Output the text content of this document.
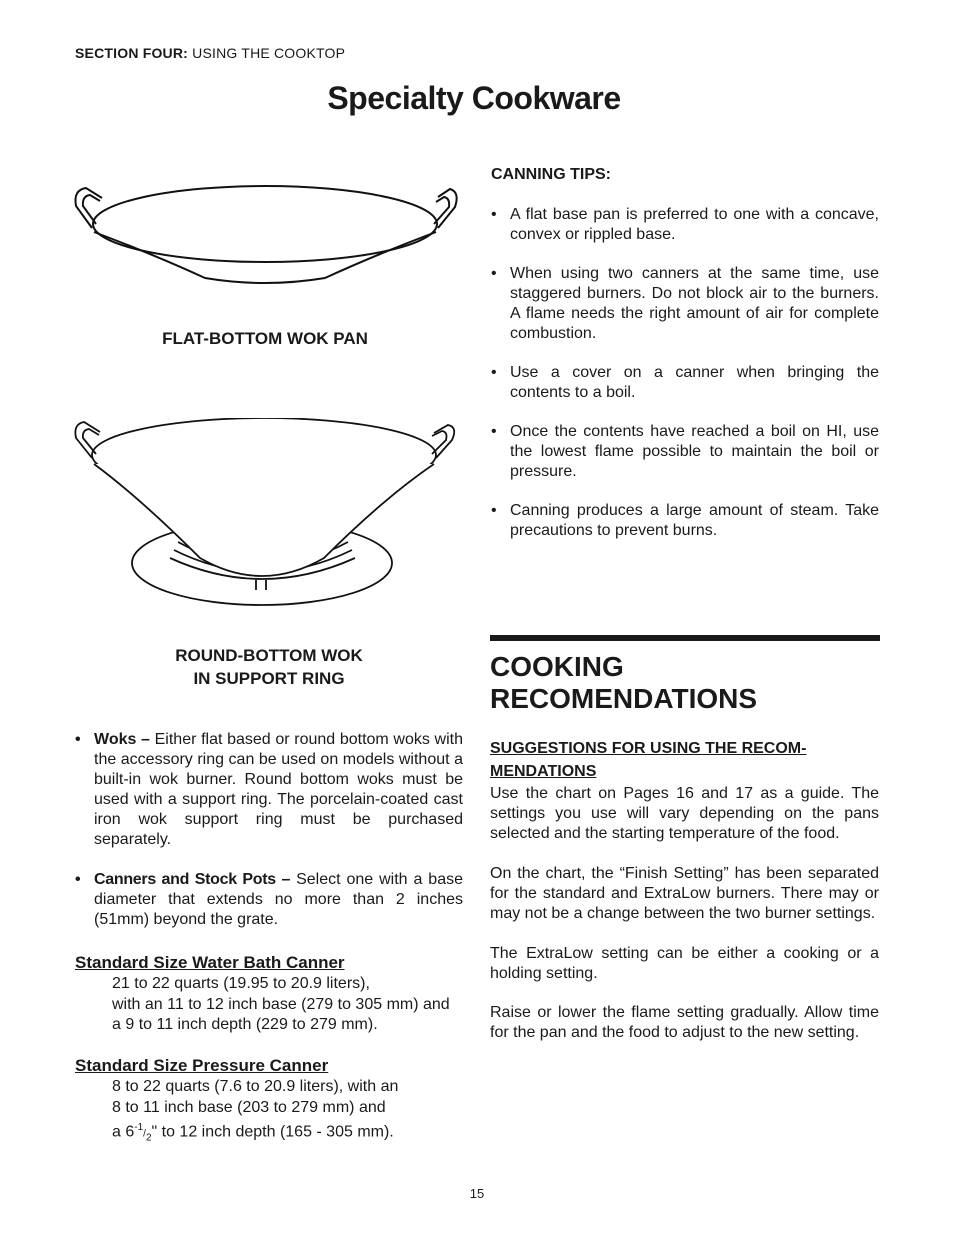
SECTION FOUR: USING THE COOKTOP
Specialty Cookware
FLAT-BOTTOM WOK PAN
ROUND-BOTTOM WOK
IN SUPPORT RING
• Woks – Either flat based or round bottom woks with the accessory ring can be used on models without a built-in wok burner. Round bottom woks must be used with a support ring. The porcelain-coated cast iron wok support ring must be purchased separately.
• Canners and Stock Pots – Select one with a base diameter that extends no more than 2 inches (51mm) beyond the grate.
Standard Size Water Bath Canner
21 to 22 quarts (19.95 to 20.9 liters),
with an 11 to 12 inch base (279 to 305 mm) and
a 9 to 11 inch depth (229 to 279 mm).
Standard Size Pressure Canner
8 to 22 quarts (7.6 to 20.9 liters), with an
8 to 11 inch base (203 to 279 mm) and
a $6^{-1}/_2$" to 12 inch depth (165 - 305 mm).
CANNING TIPS:
• A flat base pan is preferred to one with a concave, convex or rippled base.
• When using two canners at the same time, use staggered burners. Do not block air to the burners. A flame needs the right amount of air for complete combustion.
• Use a cover on a canner when bringing the contents to a boil.
• Once the contents have reached a boil on HI, use the lowest flame possible to maintain the boil or pressure.
• Canning produces a large amount of steam. Take precautions to prevent burns.
COOKING
RECOMENDATIONS
SUGGESTIONS FOR USING THE RECOM-
MENDATIONS

Use the chart on Pages 16 and 17 as a guide. The settings you use will vary depending on the pans selected and the starting temperature of the food.

On the chart, the “Finish Setting” has been separated for the standard and ExtraLow burners. There may or may not be a change between the two burner settings.

The ExtraLow setting can be either a cooking or a holding setting.

Raise or lower the flame setting gradually. Allow time for the pan and the food to adjust to the new setting.

15
